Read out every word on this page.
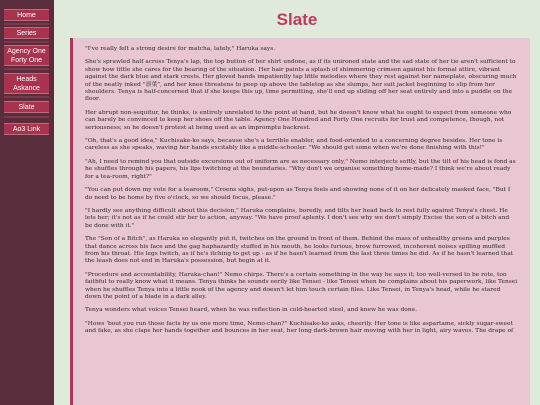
Home
Series
Agency One Forty One
Heads Askance
Slate
Ao3 Link
Slate

"I've really felt a strong desire for matcha, lately," Haruka says.

She's sprawled half across Tenya's lap, the top button of her shirt undone, as if its unironed state and the sad state of her tie aren't sufficient to show how little she cares for the bearing of the situation. Her hair paints a splash of shimmering crimson against his formal attire, vibrant against the dark blue and stark crests. Her gloved hands impatiently tap little melodies where they rest against her nameplate, obscuring much of the neatly inked "凛葉", and her knee threatens to peep up above the tabletop as she slumps, her suit jacket beginning to slip from her shoulders. Tenya is half-concerned that if she keeps this up, time permitting, she'll end up sliding off her seat entirely and into a puddle on the floor.

Her abrupt non-sequitur, he thinks, is entirely unrelated to the point at hand, but he doesn't know what he ought to expect from someone who can barely be convinced to keep her shoes off the table. Agency One Hundred and Forty One recruits for trust and competence, though, not seriousness; so he doesn't protest at being used as an impromptu backrest.

"Oh, that's a good idea," Kuchisake-ko says, because she's a terrible enabler, and food-oriented to a concerning degree besides. Her tone is careless as she speaks, waving her hands excitably like a middle-schooler. "We should get some when we're done finishing with this!"

"Ah, I need to remind you that outside excursions out of uniform are as necessary only," Nemo interjects softly, but the tilt of his head is fond as he shuffles through his papers, his lips twitching at the boundaries. "Why don't we organise something home-made? I think we're about ready for a tea-room, right?"

"You can put down my vote for a tearoom," Croens sighs, put-upon as Tenya feels and showing none of it on her delicately masked face, "But I do need to be home by five o'clock, so we should focus, please."

"I hardly see anything difficult about this decision," Haruka complains, boredly, and tilts her head back to rest fully against Tenya's chest. He lets her; it's not as if he could stir her to action, anyway. "We have proof aplenty. I don't see why we don't simply Excise the son of a bitch and be done with it."

The "Son of a Bitch", as Haruka so elegantly put it, twitches on the ground in front of them. Behind the mass of unhealthy greens and purples that dance across his face and the gag haphazardly stuffed in his mouth, he looks furious, brow furrowed, incoherent noises spilling muffled from his throat. His legs twitch, as if he's itching to get up - as if he hasn't learned from the last three times he did. As if he hasn't learned that the leash does not end in Haruka's possession, but begin at it.

"Procedure and accountability, Haruka-chan!" Nemo chirps. There's a certain something in the way he says it; too well-versed to be rote, too faithful to really know what it means. Tenya thinks he sounds eerily like Tensei - like Tensei when he complains about his paperwork, like Tensei when he shuffles Tenya into a little nook of the agency and doesn't let him touch certain files. Like Tensei, in Tenya's head, while he stared down the point of a blade in a dark alley.

Tenya wonders what voices Tensei heard, when he was reflection in cold-hearted steel, and knew he was done.

"Hows 'bout you run those facts by us one more time, Nemo-chan?" Kuchisake-ko asks, cheerily. Her tone is like aspartame, sickly sugar-sweet and fake, as she claps her hands together and bounces in her seat, her long dark-brown hair moving with her in light, airy waves. The drape of
